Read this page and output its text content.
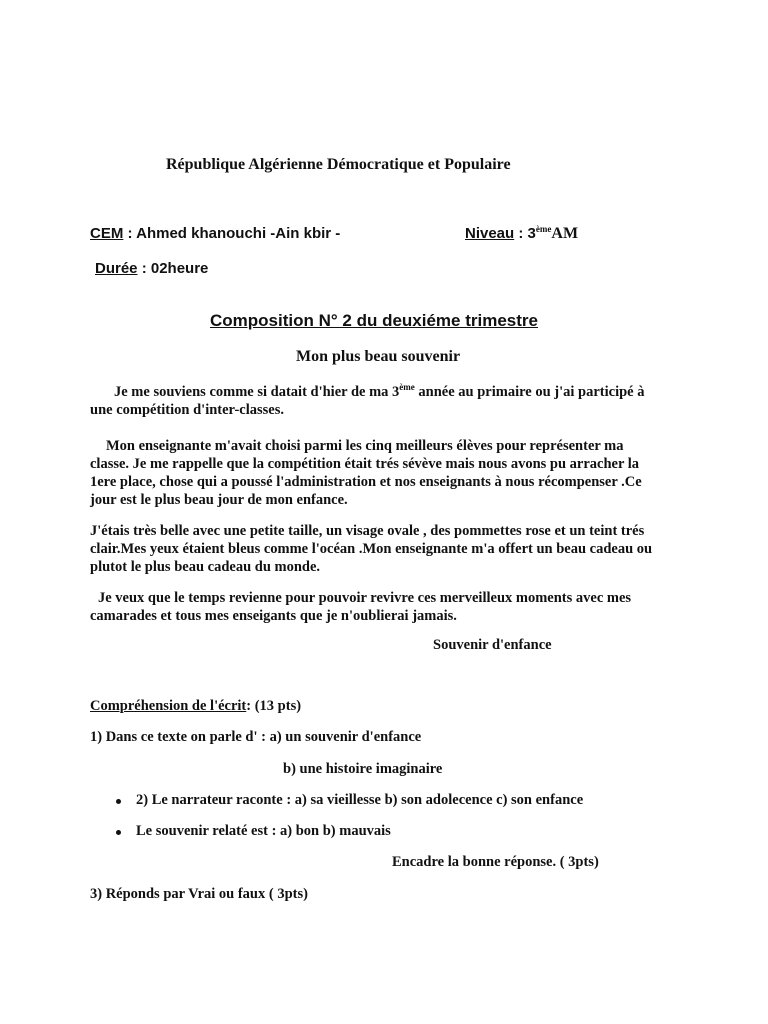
République Algérienne Démocratique et Populaire
CEM : Ahmed khanouchi -Ain kbir -	Niveau : 3èmeAM
Durée : 02heure
Composition N° 2 du deuxiéme trimestre
Mon plus beau souvenir
Je me souviens comme si datait d'hier de ma 3ème année au primaire ou j'ai participé à
une compétition d'inter-classes.
Mon enseignante m'avait choisi parmi les cinq meilleurs élèves pour représenter ma
classe. Je me rappelle que la compétition était trés sévève mais nous avons pu arracher la
1ere place, chose qui a poussé l'administration et nos enseignants à nous récompenser .Ce
jour est le plus beau jour de mon enfance.
J'étais très belle avec une petite taille, un visage ovale , des pommettes rose et un teint trés
clair.Mes yeux étaient bleus comme l'océan .Mon enseignante m'a offert un beau cadeau ou
plutot le plus beau cadeau du monde.
Je veux que le temps revienne pour pouvoir revivre ces merveilleux moments avec mes
camarades et tous mes enseigants que je n'oublierai jamais.
Souvenir d'enfance
Compréhension de l'écrit: (13 pts)
1) Dans ce texte on parle d' : a) un souvenir d'enfance
b) une histoire imaginaire
2) Le narrateur raconte : a) sa vieillesse b) son adolecence c) son enfance
Le souvenir relaté est : a) bon b) mauvais
Encadre la bonne réponse. ( 3pts)
3) Réponds par Vrai ou faux ( 3pts)
